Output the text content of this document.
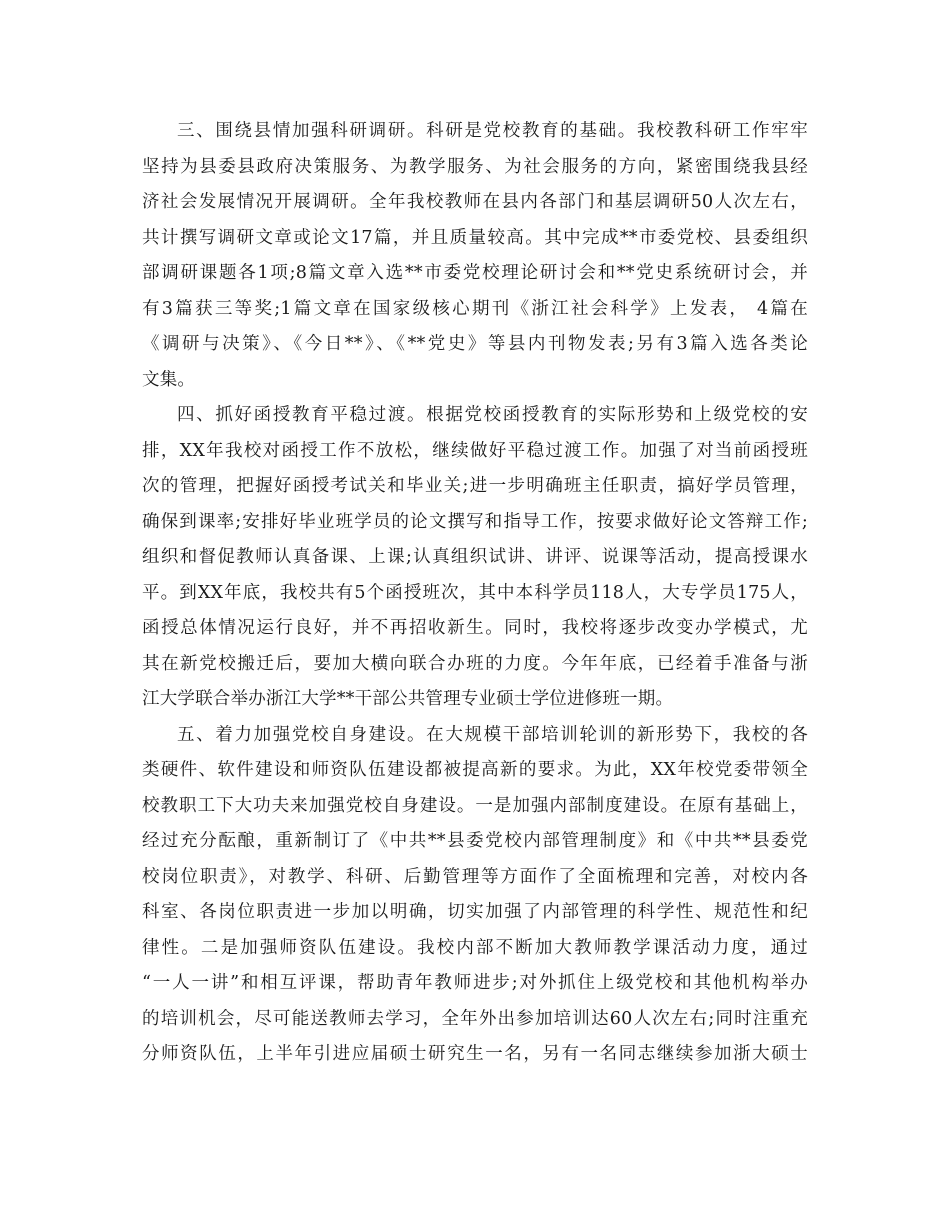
三、围绕县情加强科研调研。科研是党校教育的基础。我校教科研工作牢牢
坚持为县委县政府决策服务、为教学服务、为社会服务的方向，紧密围绕我县经
济社会发展情况开展调研。全年我校教师在县内各部门和基层调研50人次左右，
共计撰写调研文章或论文17篇，并且质量较高。其中完成**市委党校、县委组织
部调研课题各1项;8篇文章入选**市委党校理论研讨会和**党史系统研讨会，并
有3篇获三等奖;1篇文章在国家级核心期刊《浙江社会科学》上发表， 4篇在
《调研与决策》、《今日**》、《**党史》等县内刊物发表;另有3篇入选各类论
文集。
四、抓好函授教育平稳过渡。根据党校函授教育的实际形势和上级党校的安
排，XX年我校对函授工作不放松，继续做好平稳过渡工作。加强了对当前函授班
次的管理，把握好函授考试关和毕业关;进一步明确班主任职责，搞好学员管理，
确保到课率;安排好毕业班学员的论文撰写和指导工作，按要求做好论文答辩工作;
组织和督促教师认真备课、上课;认真组织试讲、讲评、说课等活动，提高授课水
平。到XX年底，我校共有5个函授班次，其中本科学员118人，大专学员175人，
函授总体情况运行良好，并不再招收新生。同时，我校将逐步改变办学模式，尤
其在新党校搬迁后，要加大横向联合办班的力度。今年年底，已经着手准备与浙
江大学联合举办浙江大学**干部公共管理专业硕士学位进修班一期。
五、着力加强党校自身建设。在大规模干部培训轮训的新形势下，我校的各
类硬件、软件建设和师资队伍建设都被提高新的要求。为此，XX年校党委带领全
校教职工下大功夫来加强党校自身建设。一是加强内部制度建设。在原有基础上，
经过充分酝酿，重新制订了《中共**县委党校内部管理制度》和《中共**县委党
校岗位职责》，对教学、科研、后勤管理等方面作了全面梳理和完善，对校内各
科室、各岗位职责进一步加以明确，切实加强了内部管理的科学性、规范性和纪
律性。二是加强师资队伍建设。我校内部不断加大教师教学课活动力度，通过
“一人一讲”和相互评课，帮助青年教师进步;对外抓住上级党校和其他机构举办
的培训机会，尽可能送教师去学习，全年外出参加培训达60人次左右;同时注重充
分师资队伍，上半年引进应届硕士研究生一名，另有一名同志继续参加浙大硕士
